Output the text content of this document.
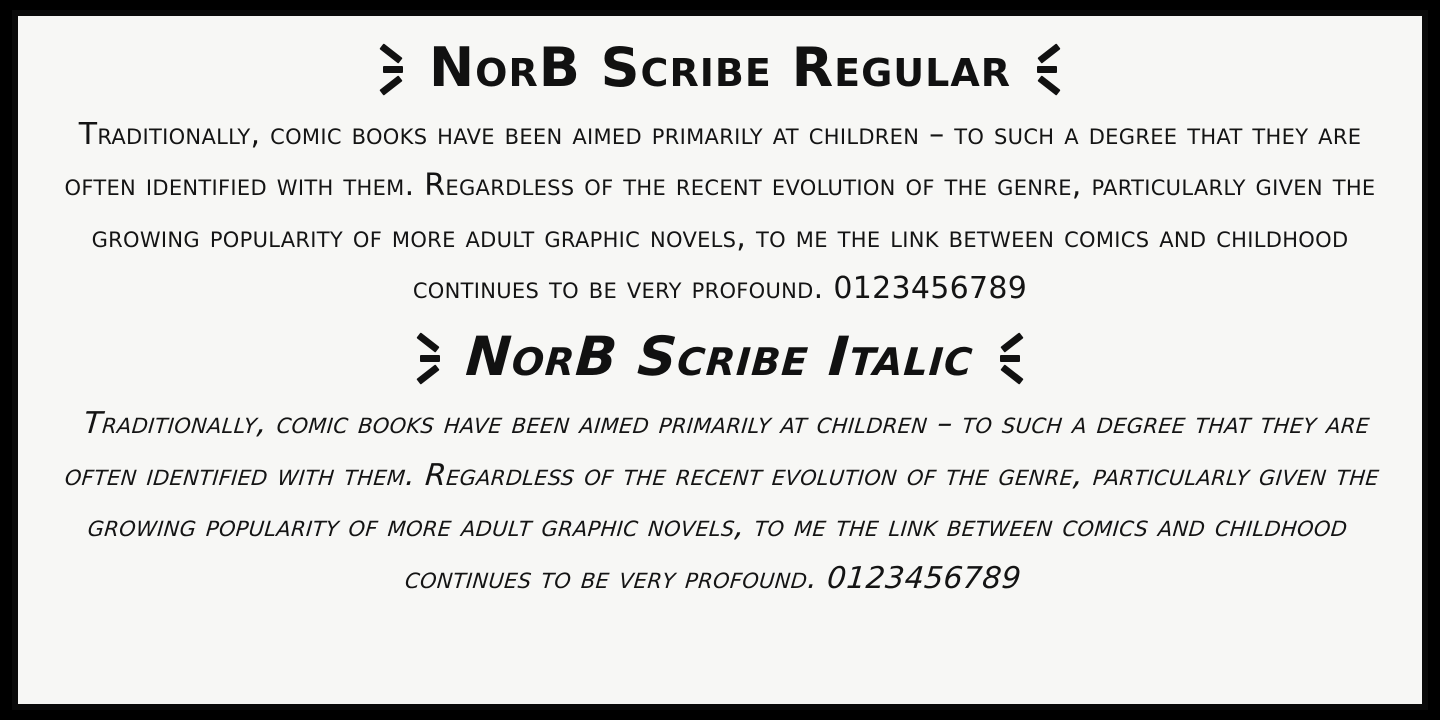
NorB Scribe Regular
Traditionally, comic books have been aimed primarily at children – to such a degree that they are often identified with them. Regardless of the recent evolution of the genre, particularly given the growing popularity of more adult graphic novels, to me the link between comics and childhood continues to be very profound. 0123456789
NorB Scribe Italic
Traditionally, comic books have been aimed primarily at children – to such a degree that they are often identified with them. Regardless of the recent evolution of the genre, particularly given the growing popularity of more adult graphic novels, to me the link between comics and childhood continues to be very profound. 0123456789
